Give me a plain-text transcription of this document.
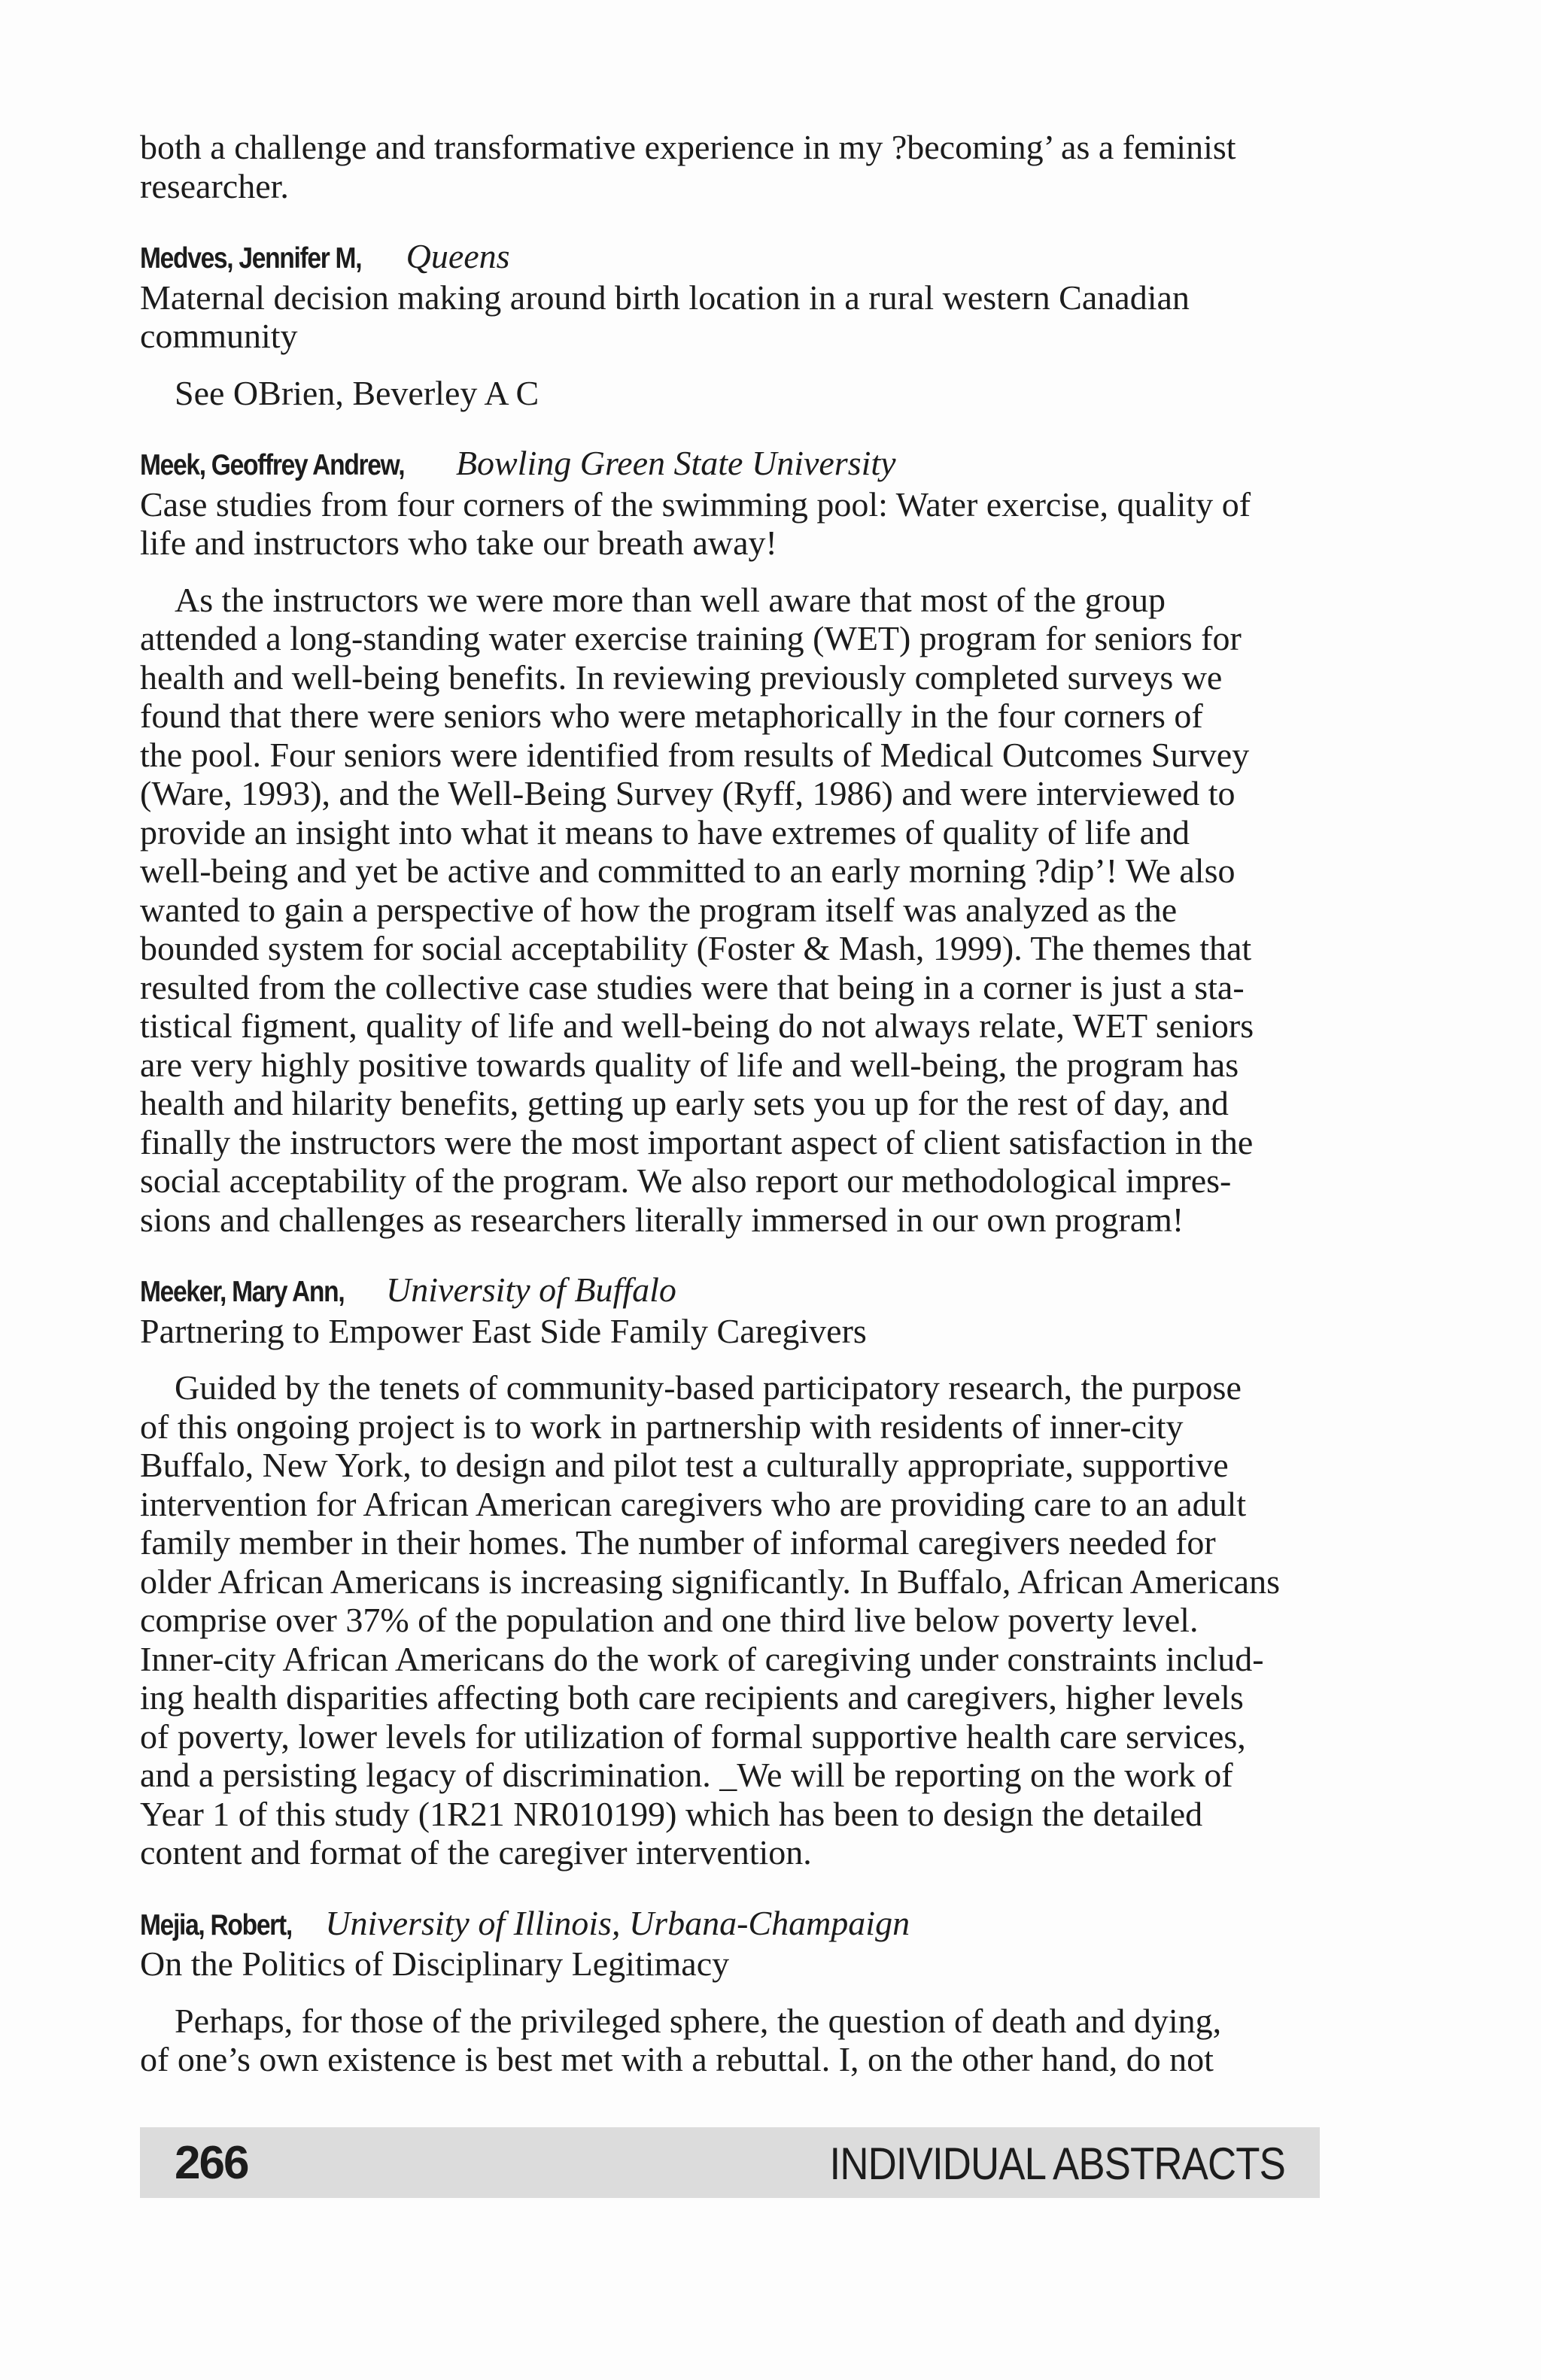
both a challenge and transformative experience in my ?becoming’ as a feminist
researcher.
Medves, Jennifer M, Queens
Maternal decision making around birth location in a rural western Canadian
community
See OBrien, Beverley A C
Meek, Geoffrey Andrew, Bowling Green State University
Case studies from four corners of the swimming pool: Water exercise, quality of
life and instructors who take our breath away!
As the instructors we were more than well aware that most of the group
attended a long-standing water exercise training (WET) program for seniors for
health and well-being benefits. In reviewing previously completed surveys we
found that there were seniors who were metaphorically in the four corners of
the pool. Four seniors were identified from results of Medical Outcomes Survey
(Ware, 1993), and the Well-Being Survey (Ryff, 1986) and were interviewed to
provide an insight into what it means to have extremes of quality of life and
well-being and yet be active and committed to an early morning ?dip’! We also
wanted to gain a perspective of how the program itself was analyzed as the
bounded system for social acceptability (Foster & Mash, 1999). The themes that
resulted from the collective case studies were that being in a corner is just a sta-
tistical figment, quality of life and well-being do not always relate, WET seniors
are very highly positive towards quality of life and well-being, the program has
health and hilarity benefits, getting up early sets you up for the rest of day, and
finally the instructors were the most important aspect of client satisfaction in the
social acceptability of the program. We also report our methodological impres-
sions and challenges as researchers literally immersed in our own program!
Meeker, Mary Ann, University of Buffalo
Partnering to Empower East Side Family Caregivers
Guided by the tenets of community-based participatory research, the purpose
of this ongoing project is to work in partnership with residents of inner-city
Buffalo, New York, to design and pilot test a culturally appropriate, supportive
intervention for African American caregivers who are providing care to an adult
family member in their homes. The number of informal caregivers needed for
older African Americans is increasing significantly. In Buffalo, African Americans
comprise over 37% of the population and one third live below poverty level.
Inner-city African Americans do the work of caregiving under constraints includ-
ing health disparities affecting both care recipients and caregivers, higher levels
of poverty, lower levels for utilization of formal supportive health care services,
and a persisting legacy of discrimination. _We will be reporting on the work of
Year 1 of this study (1R21 NR010199) which has been to design the detailed
content and format of the caregiver intervention.
Mejia, Robert, University of Illinois, Urbana-Champaign
On the Politics of Disciplinary Legitimacy
Perhaps, for those of the privileged sphere, the question of death and dying,
of one’s own existence is best met with a rebuttal. I, on the other hand, do not
266	INDIVIDUAL ABSTRACTS
